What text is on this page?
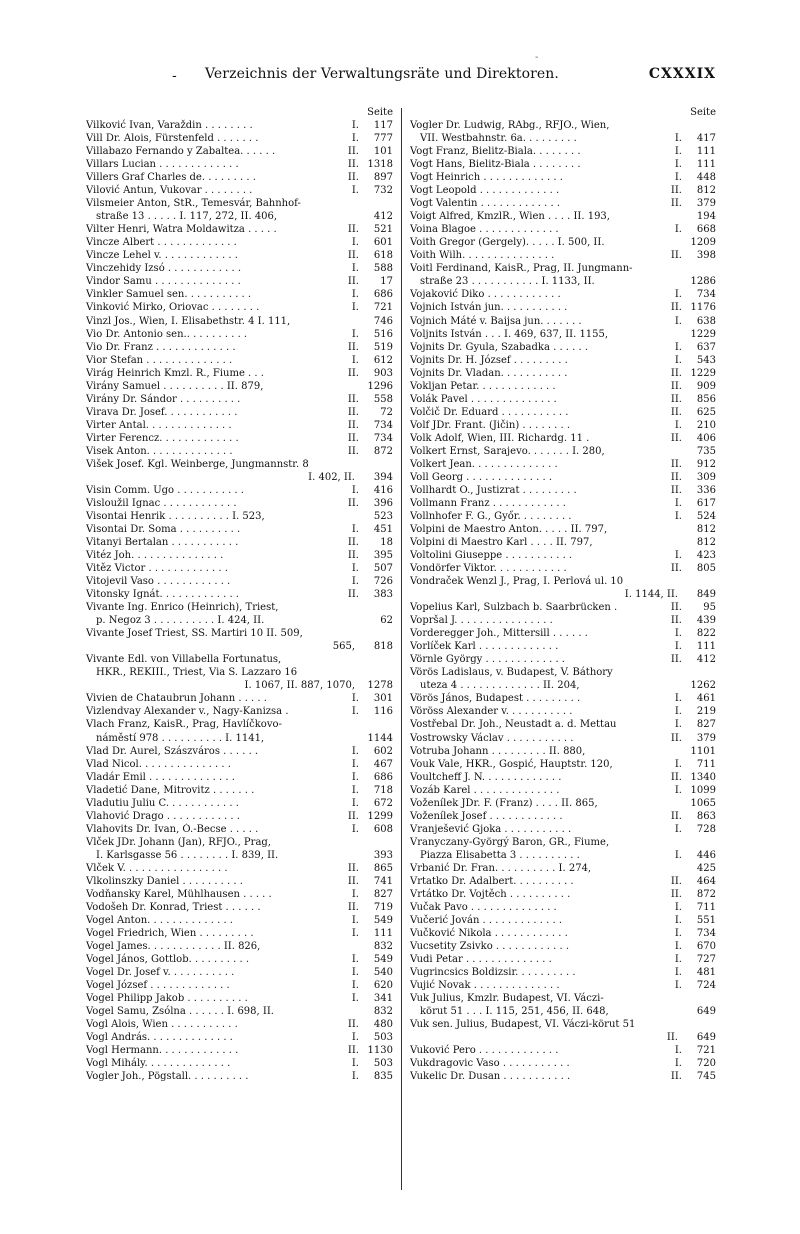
-
- Verzeichnis der Verwaltungsräte und Direktoren.	CXXXIX
Seite
Vilković Ivan, Varaždin . . . . . . . .	I.	117
Vill Dr. Alois, Fürstenfeld . . . . . . .	I.	777
Villabazo Fernando y Zabaltea. . . . . .	II.	101
Villars Lucian . . . . . . . . . . . . .	II. 1318
Villers Graf Charles de. . . . . . . . .	II.	897
Vilović Antun, Vukovar . . . . . . . .	I.	732
Vilsmeier Anton, StR., Temesvár, Bahnhof-
straße 13 . . . . . I. 117, 272, II. 406,	412
Vilter Henri, Watra Moldawitza . . . . .	II.	521
Vincze Albert . . . . . . . . . . . . .	I.	601
Vincze Lehel v. . . . . . . . . . . . .	II.	618
Vinczehidy Izsó . . . . . . . . . . . .	I.	588
Vindor Samu . . . . . . . . . . . . . .	II.	17
Vinkler Samuel sen. . . . . . . . . . .	I.	686
Vinković Mirko, Oriovac . . . . . . . .	I.	721
Vinzl Jos., Wien, I. Elisabethstr. 4 I. 111,	746
Vio Dr. Antonio sen.. . . . . . . . . .	I.	516
Vio Dr. Franz . . . . . . . . . . . . .	II.	519
Vior Stefan . . . . . . . . . . . . . .	I.	612
Virág Heinrich Kmzl. R., Fiume . . .	II.	903
Virány Samuel . . . . . . . . . . II. 879,	1296
Virány Dr. Sándor . . . . . . . . . .	II.	558
Virava Dr. Josef. . . . . . . . . . . .	II.	72
Virter Antal. . . . . . . . . . . . . .	II.	734
Virter Ferencz. . . . . . . . . . . . .	II.	734
Visek Anton. . . . . . . . . . . . . .	II.	872
Višek Josef. Kgl. Weinberge, Jungmannstr. 8
I. 402, II.	394
Visin Comm. Ugo . . . . . . . . . . .	I.	416
Visloužil Ignac . . . . . . . . . . . .	II.	396
Visontai Henrik . . . . . . . . . . I. 523,	523
Visontai Dr. Soma . . . . . . . . . .	I.	451
Vitanyi Bertalan . . . . . . . . . . .	II.	18
Vitéz Joh. . . . . . . . . . . . . . .	II.	395
Vitěz Victor . . . . . . . . . . . . .	I.	507
Vitojevil Vaso . . . . . . . . . . . .	I.	726
Vitonsky Ignát. . . . . . . . . . . . .	II.	383
Vivante Ing. Enrico (Heinrich), Triest,
p. Negoz 3 . . . . . . . . . . I. 424, II.	62
Vivante Josef Triest, SS. Martiri 10 II. 509,
565,	818
Vivante Edl. von Villabella Fortunatus,
HKR., REKIII., Triest, Via S. Lazzaro 16
I. 1067, II. 887, 1070,	1278
Vivien de Chataubrun Johann . . . . .	I.	301
Vizlendvay Alexander v., Nagy-Kanizsa .	I.	116
Vlach Franz, KaisR., Prag, Havlíčkovo-
náměstí 978 . . . . . . . . . . I. 1141,	1144
Vlad Dr. Aurel, Szászváros . . . . . .	I.	602
Vlad Nicol. . . . . . . . . . . . . . .	I.	467
Vladár Emil . . . . . . . . . . . . . .	I.	686
Vladetić Dane, Mitrovitz . . . . . . .	I.	718
Vladutiu Juliu C. . . . . . . . . . . .	I.	672
Vlahović Drago . . . . . . . . . . . .	II. 1299
Vlahovits Dr. Ivan, Ó.-Becse . . . . .	I.	608
Vlček JDr. Johann (Jan), RFJO., Prag,
I. Karlsgasse 56 . . . . . . . . I. 839, II.	393
Vlček V. . . . . . . . . . . . . . . . .	II.	865
Vlkolinszky Daniel . . . . . . . . . .	II.	741
Vodňansky Karel, Mühlhausen . . . . .	I.	827
Vodošeh Dr. Konrad, Triest . . . . . .	II.	719
Vogel Anton. . . . . . . . . . . . . .	I.	549
Vogel Friedrich, Wien . . . . . . . . .	I.	111
Vogel James. . . . . . . . . . . . II. 826,	832
Vogel János, Gottlob. . . . . . . . . .	I.	549
Vogel Dr. Josef v. . . . . . . . . . .	I.	540
Vogel József . . . . . . . . . . . . .	I.	620
Vogel Philipp Jakob . . . . . . . . . .	I.	341
Vogel Samu, Zsólna . . . . . . I. 698, II.	832
Vogl Alois, Wien . . . . . . . . . . .	II.	480
Vogl András. . . . . . . . . . . . . .	I.	503
Vogl Hermann. . . . . . . . . . . . .	II. 1130
Vogl Mihály. . . . . . . . . . . . . .	I.	503
Vogler Joh., Pögstall. . . . . . . . . .	I.	835
Seite
Vogler Dr. Ludwig, RAbg., RFJO., Wien,
VII. Westbahnstr. 6a. . . . . . . . .	I.	417
Vogt Franz, Bielitz-Biala. . . . . . . .	I.	111
Vogt Hans, Bielitz-Biala . . . . . . . .	I.	111
Vogt Heinrich . . . . . . . . . . . . .	I.	448
Vogt Leopold . . . . . . . . . . . . .	II.	812
Vogt Valentin . . . . . . . . . . . . .	II.	379
Voigt Alfred, KmzlR., Wien . . . . II. 193,	194
Voina Blagoe . . . . . . . . . . . . .	I.	668
Voith Gregor (Gergely). . . . . I. 500, II.	1209
Voith Wilh. . . . . . . . . . . . . . .	II.	398
Voitl Ferdinand, KaisR., Prag, II. Jungmann-
straße 23 . . . . . . . . . . . I. 1133, II.	1286
Vojaković Diko . . . . . . . . . . . .	I.	734
Vojnich István jun. . . . . . . . . . .	II. 1176
Vojnich Máté v. Baijsa jun. . . . . . .	I.	638
Voljnits István . . . I. 469, 637, II. 1155,	1229
Vojnits Dr. Gyula, Szabadka . . . . . .	I.	637
Vojnits Dr. H. József . . . . . . . . .	I.	543
Vojnits Dr. Vladan. . . . . . . . . . .	II. 1229
Vokljan Petar. . . . . . . . . . . . .	II.	909
Volák Pavel . . . . . . . . . . . . . .	II.	856
Volčič Dr. Eduard . . . . . . . . . . .	II.	625
Volf JDr. Frant. (Jičin) . . . . . . . .	I.	210
Volk Adolf, Wien, III. Richardg. 11 .	II.	406
Volkert Ernst, Sarajevo. . . . . . . I. 280,	735
Volkert Jean. . . . . . . . . . . . . .	II.	912
Voll Georg . . . . . . . . . . . . . .	II.	309
Vollhardt O., Justizrat . . . . . . . . .	II.	336
Vollmann Franz . . . . . . . . . . . .	I.	617
Vollnhofer F. G., Győr. . . . . . . . .	I.	524
Volpini de Maestro Anton. . . . . II. 797,	812
Volpini di Maestro Karl . . . . II. 797,	812
Voltolini Giuseppe . . . . . . . . . . .	I.	423
Vondörfer Viktor. . . . . . . . . . . .	II.	805
Vondraček Wenzl J., Prag, I. Perlová ul. 10
I. 1144, II.	849
Vopelius Karl, Sulzbach b. Saarbrücken .	II.	95
Vopršal J. . . . . . . . . . . . . . . .	II.	439
Vorderegger Joh., Mittersill . . . . . .	I.	822
Vorlíček Karl . . . . . . . . . . . . .	I.	111
Vörnle György . . . . . . . . . . . . .	II.	412
Vörös Ladislaus, v. Budapest, V. Báthory
uteza 4 . . . . . . . . . . . . . II. 204,	1262
Vörös János, Budapest . . . . . . . . .	I.	461
Vöröss Alexander v. . . . . . . . . . .	I.	219
Vostřebal Dr. Joh., Neustadt a. d. Mettau	I.	827
Vostrowsky Václav . . . . . . . . . . .	II.	379
Votruba Johann . . . . . . . . . II. 880,	1101
Vouk Vale, HKR., Gospić, Hauptstr. 120,	I.	711
Voultcheff J. N. . . . . . . . . . . . .	II. 1340
Vozáb Karel . . . . . . . . . . . . . .	I. 1099
Voženílek JDr. F. (Franz) . . . . II. 865,	1065
Voženílek Josef . . . . . . . . . . . .	II.	863
Vranješević Gjoka . . . . . . . . . . .	I.	728
Vranyczany-Györgý Baron, GR., Fiume,
Piazza Elisabetta 3 . . . . . . . . . .	I.	446
Vrbanić Dr. Fran. . . . . . . . . . I. 274,	425
Vrtatko Dr. Adalbert. . . . . . . . . .	II.	464
Vrtátko Dr. Vojtěch . . . . . . . . . .	II.	872
Vučak Pavo . . . . . . . . . . . . . .	I.	711
Vučerić Jován . . . . . . . . . . . . .	I.	551
Vučković Nikola . . . . . . . . . . . .	I.	734
Vucsetity Zsivko . . . . . . . . . . . .	I.	670
Vudi Petar . . . . . . . . . . . . . .	I.	727
Vugrincsics Boldizsir. . . . . . . . . .	I.	481
Vujić Novak . . . . . . . . . . . . . .	I.	724
Vuk Julius, Kmzlr. Budapest, VI. Váczi-
körut 51 . . . I. 115, 251, 456, II. 648,	649
Vuk sen. Julius, Budapest, VI. Váczi-körut 51
II.	649
Vuković Pero . . . . . . . . . . . . .	I.	721
Vukdragovic Vaso . . . . . . . . . . .	I.	720
Vukelic Dr. Dusan . . . . . . . . . . .	II.	745
